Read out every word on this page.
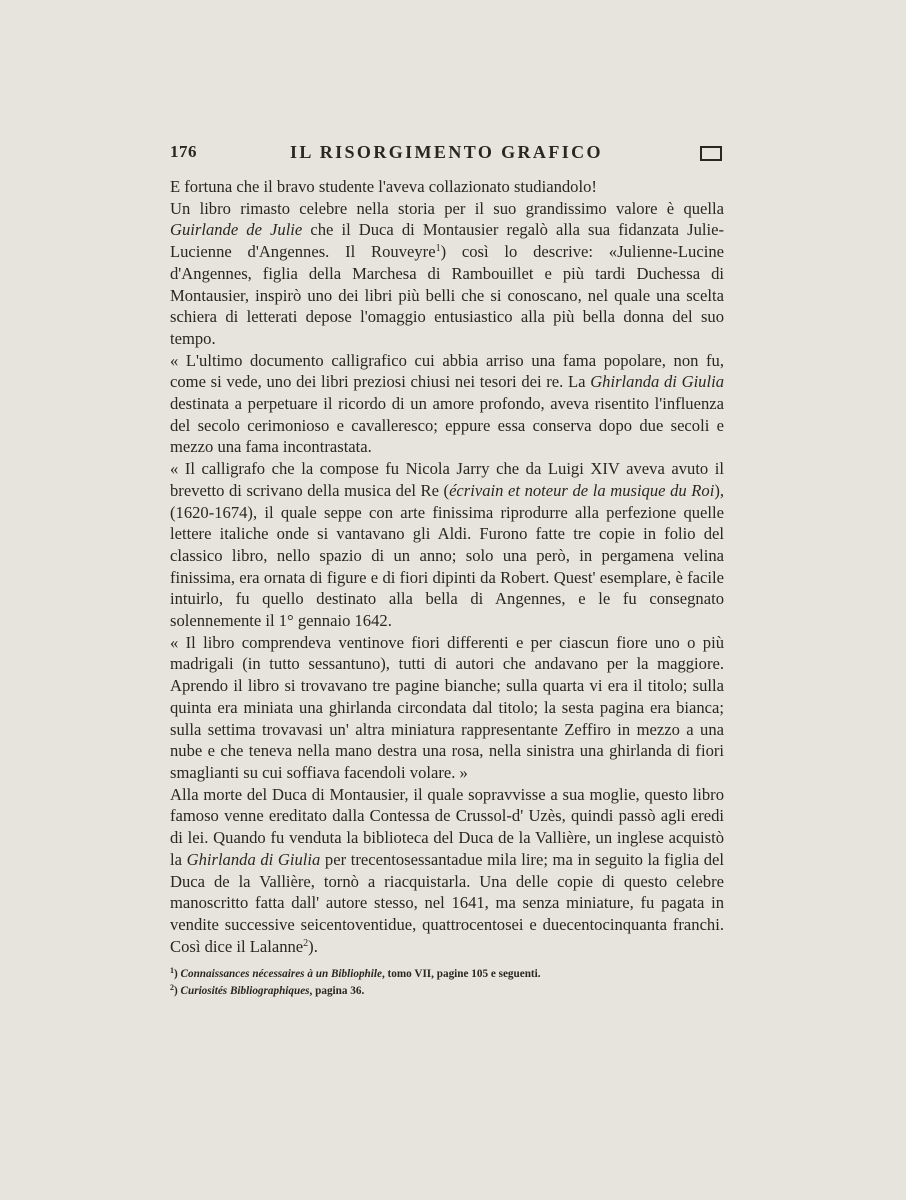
176	IL RISORGIMENTO GRAFICO

E fortuna che il bravo studente l'aveva collazionato studiandolo!

Un libro rimasto celebre nella storia per il suo grandissimo valore è quella Guirlande de Julie che il Duca di Montausier regalò alla sua fidanzata Julie-Lucienne d'Angennes. Il Rouveyre$^1$) così lo descrive: «Julienne-Lucine d'Angennes, figlia della Marchesa di Rambouillet e più tardi Duchessa di Montausier, inspirò uno dei libri più belli che si conoscano, nel quale una scelta schiera di letterati depose l'omaggio entusiastico alla più bella donna del suo tempo.

« L'ultimo documento calligrafico cui abbia arriso una fama popolare, non fu, come si vede, uno dei libri preziosi chiusi nei tesori dei re. La Ghirlanda di Giulia destinata a perpetuare il ricordo di un amore profondo, aveva risentito l'influenza del secolo cerimonioso e cavalleresco; eppure essa conserva dopo due secoli e mezzo una fama incontrastata.

« Il calligrafo che la compose fu Nicola Jarry che da Luigi XIV aveva avuto il brevetto di scrivano della musica del Re (écrivain et noteur de la musique du Roi), (1620-1674), il quale seppe con arte finissima riprodurre alla perfezione quelle lettere italiche onde si vantavano gli Aldi. Furono fatte tre copie in folio del classico libro, nello spazio di un anno; solo una però, in pergamena velina finissima, era ornata di figure e di fiori dipinti da Robert. Quest' esemplare, è facile intuirlo, fu quello destinato alla bella di Angennes, e le fu consegnato solennemente il 1° gennaio 1642.

« Il libro comprendeva ventinove fiori differenti e per ciascun fiore uno o più madrigali (in tutto sessantuno), tutti di autori che andavano per la maggiore. Aprendo il libro si trovavano tre pagine bianche; sulla quarta vi era il titolo; sulla quinta era miniata una ghirlanda circondata dal titolo; la sesta pagina era bianca; sulla settima trovavasi un' altra miniatura rappresentante Zeffiro in mezzo a una nube e che teneva nella mano destra una rosa, nella sinistra una ghirlanda di fiori smaglianti su cui soffiava facendoli volare. »

Alla morte del Duca di Montausier, il quale sopravvisse a sua moglie, questo libro famoso venne ereditato dalla Contessa de Crussol-d' Uzès, quindi passò agli eredi di lei. Quando fu venduta la biblioteca del Duca de la Vallière, un inglese acquistò la Ghirlanda di Giulia per trecentosessantadue mila lire; ma in seguito la figlia del Duca de la Vallière, tornò a riacquistarla. Una delle copie di questo celebre manoscritto fatta dall' autore stesso, nel 1641, ma senza miniature, fu pagata in vendite successive seicentoventidue, quattrocentosei e duecentocinquanta franchi. Così dice il Lalanne$^2$).

$^1$) Connaissances nécessaires à un Bibliophile, tomo VII, pagine 105 e seguenti.

$^2$) Curiosités Bibliographiques, pagina 36.
